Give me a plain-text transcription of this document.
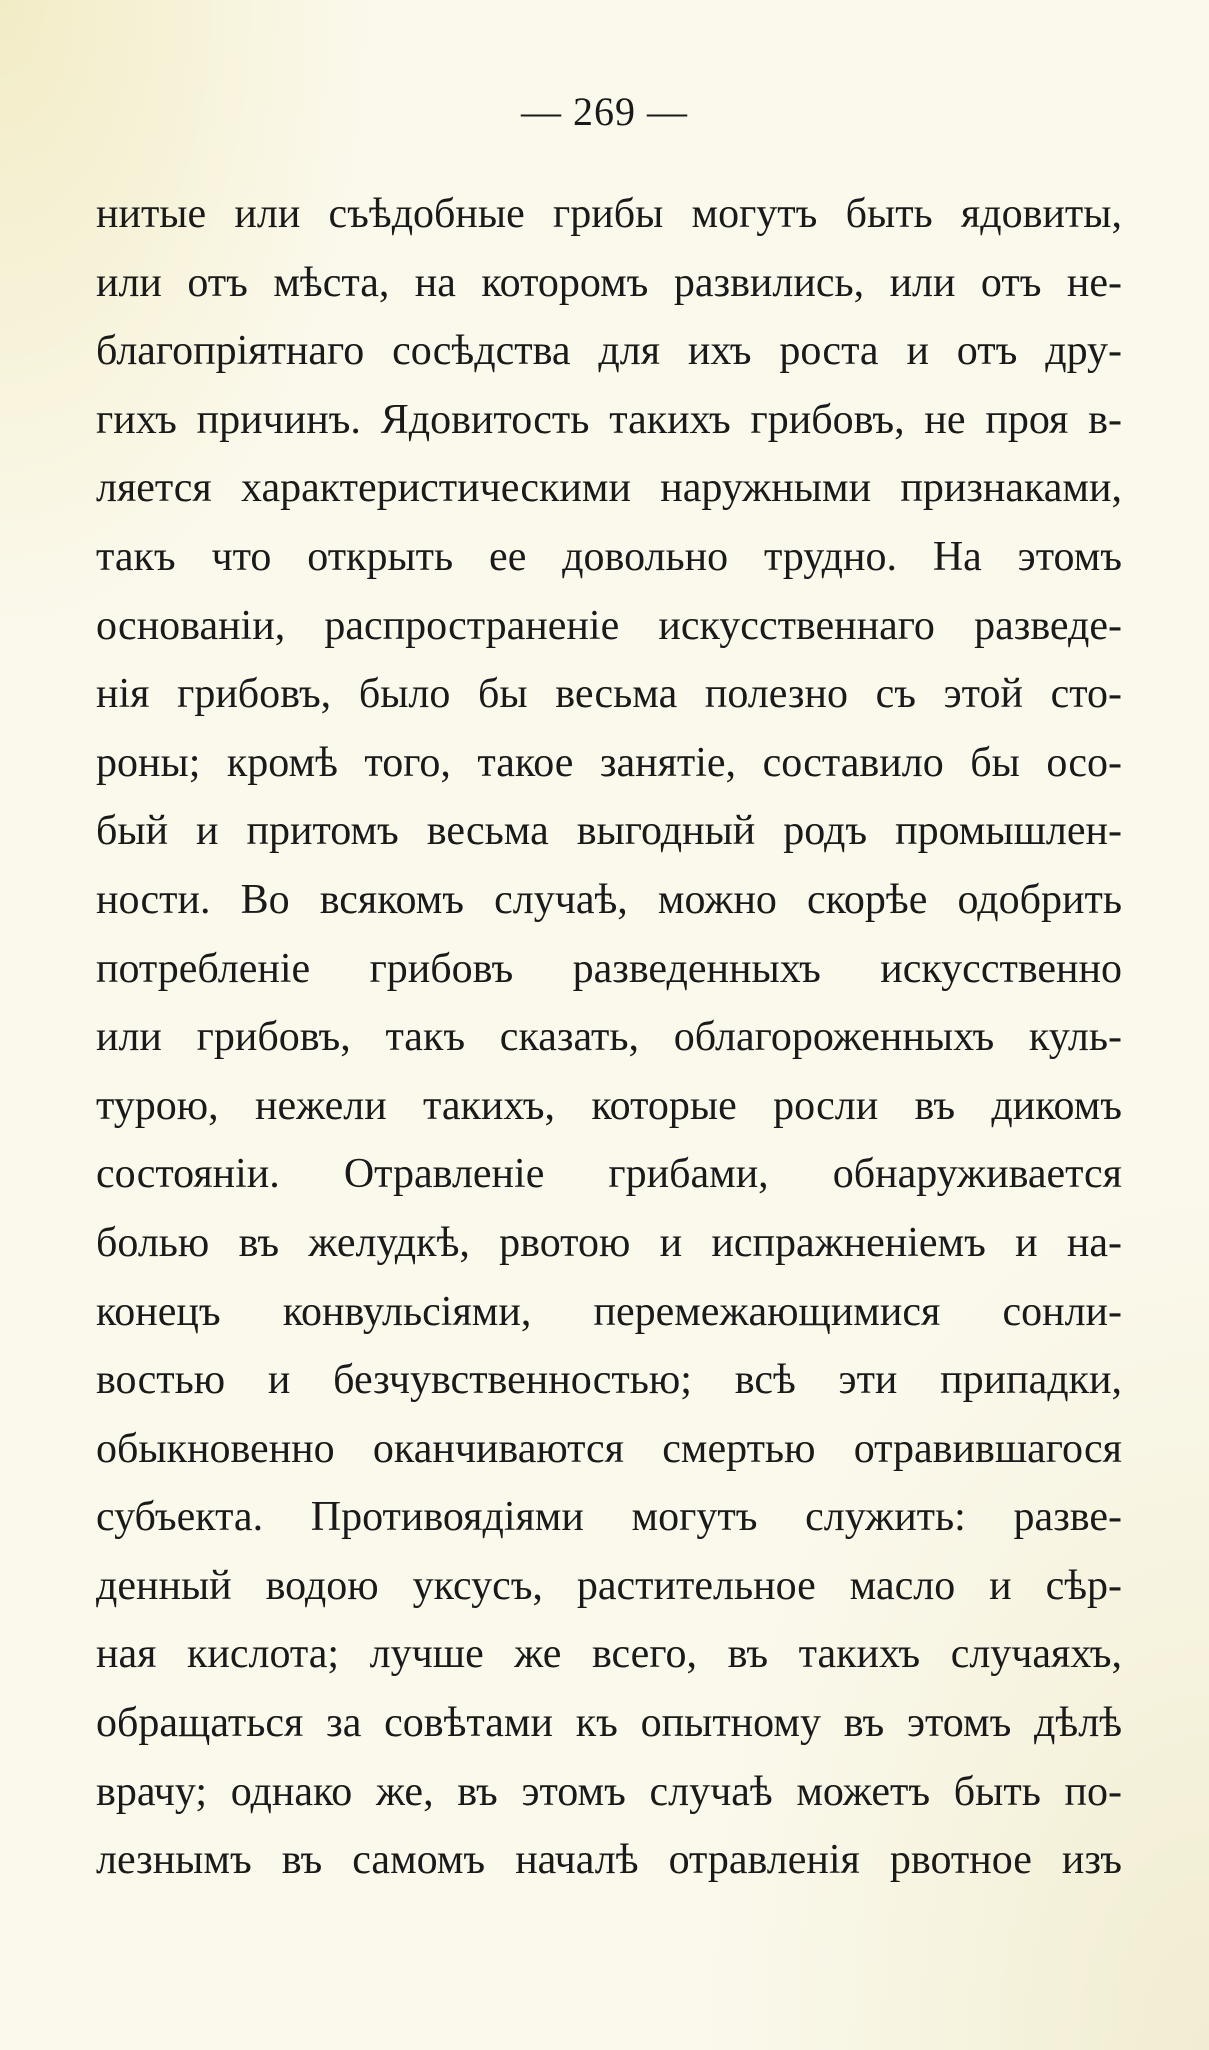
— 269 —
нитые или съѣдобные грибы могутъ быть ядовиты,
или отъ мѣста, на которомъ развились, или отъ не-
благопріятнаго сосѣдства для ихъ роста и отъ дру-
гихъ причинъ. Ядовитость такихъ грибовъ, не проя в-
ляется характеристическими наружными признаками,
такъ что открыть ее довольно трудно. На этомъ
основаніи, распространеніе искусственнаго разведе-
нія грибовъ, было бы весьма полезно съ этой сто-
роны; кромѣ того, такое занятіе, составило бы осо-
бый и притомъ весьма выгодный родъ промышлен-
ности. Во всякомъ случаѣ, можно скорѣе одобрить
потребленіе грибовъ разведенныхъ искусственно
или грибовъ, такъ сказать, облагороженныхъ куль-
турою, нежели такихъ, которые росли въ дикомъ
состояніи. Отравленіе грибами, обнаруживается
болью въ желудкѣ, рвотою и испражненіемъ и на-
конецъ конвульсіями, перемежающимися сонли-
востью и безчувственностью; всѣ эти припадки,
обыкновенно оканчиваются смертью отравившагося
субъекта. Противоядіями могутъ служить: разве-
денный водою уксусъ, растительное масло и сѣр-
ная кислота; лучше же всего, въ такихъ случаяхъ,
обращаться за совѣтами къ опытному въ этомъ дѣлѣ
врачу; однако же, въ этомъ случаѣ можетъ быть по-
лезнымъ въ самомъ началѣ отравленія рвотное изъ
